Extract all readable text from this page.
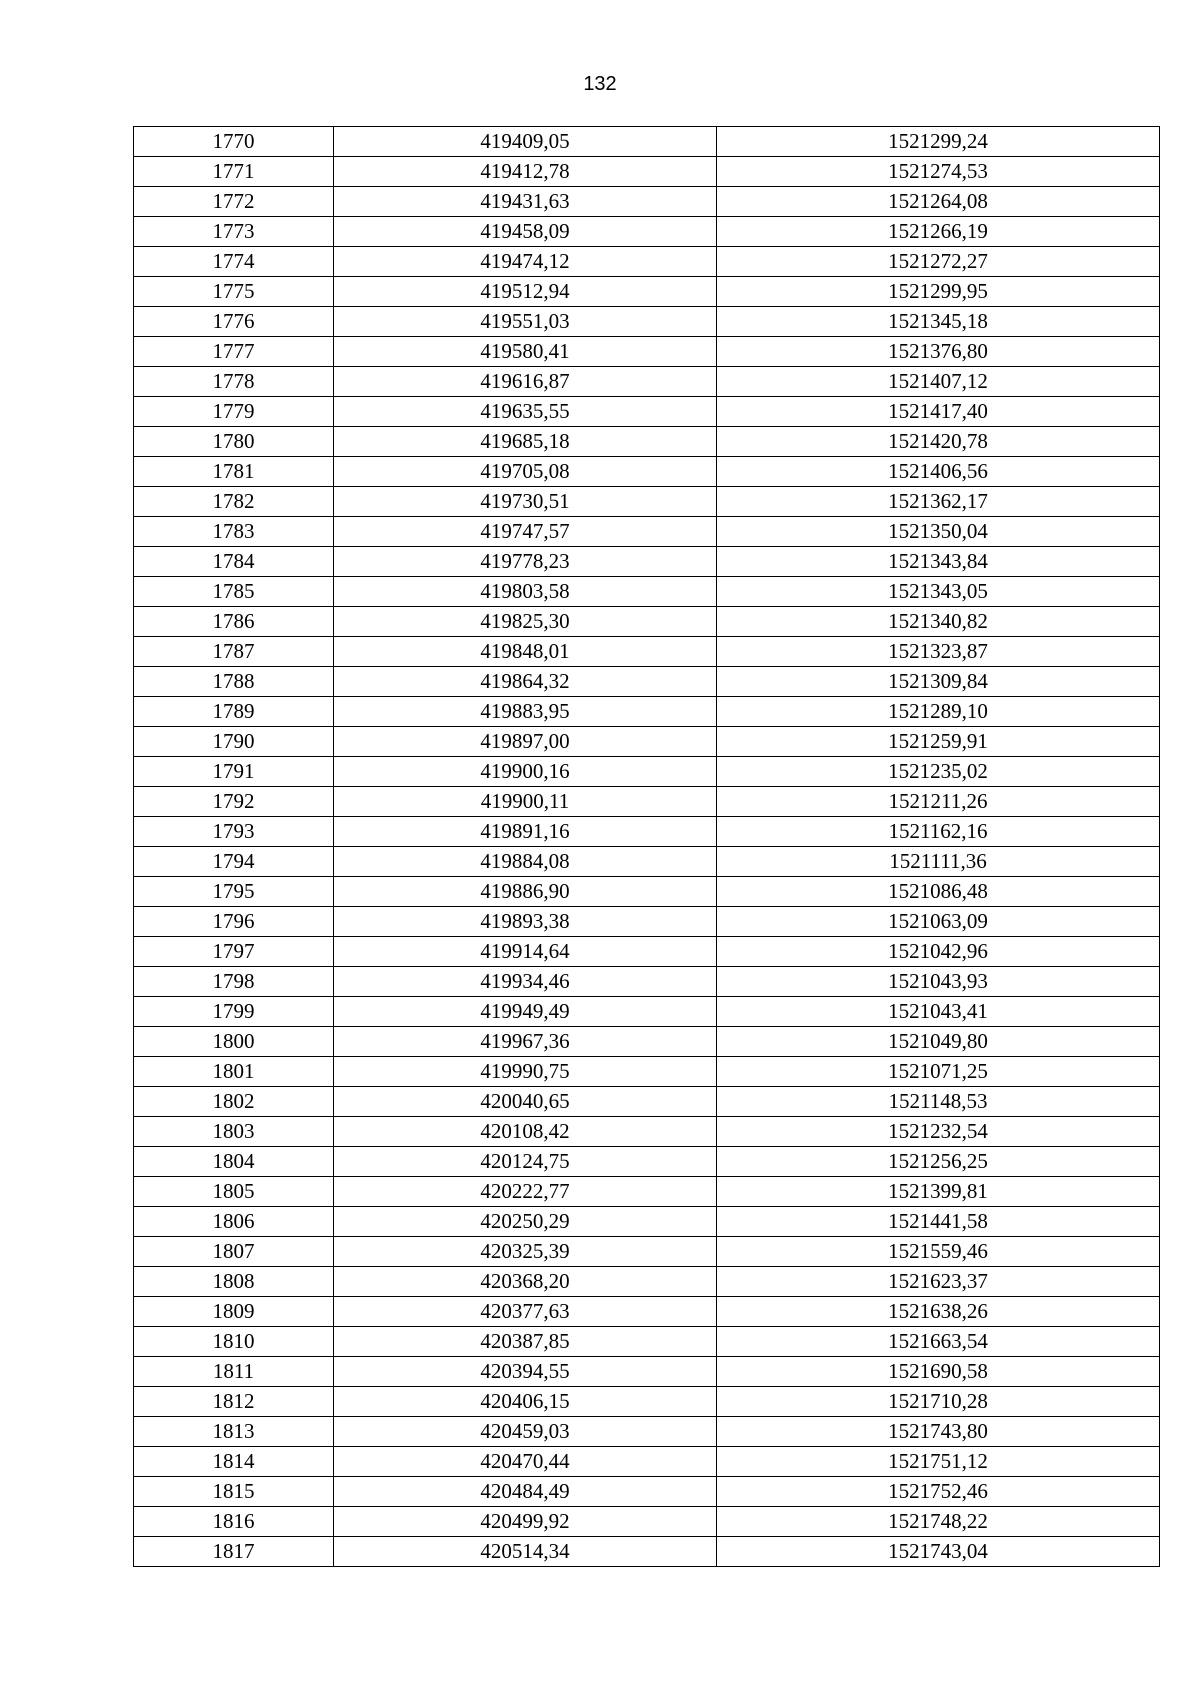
132
1770	419409,05	1521299,24
1771	419412,78	1521274,53
1772	419431,63	1521264,08
1773	419458,09	1521266,19
1774	419474,12	1521272,27
1775	419512,94	1521299,95
1776	419551,03	1521345,18
1777	419580,41	1521376,80
1778	419616,87	1521407,12
1779	419635,55	1521417,40
1780	419685,18	1521420,78
1781	419705,08	1521406,56
1782	419730,51	1521362,17
1783	419747,57	1521350,04
1784	419778,23	1521343,84
1785	419803,58	1521343,05
1786	419825,30	1521340,82
1787	419848,01	1521323,87
1788	419864,32	1521309,84
1789	419883,95	1521289,10
1790	419897,00	1521259,91
1791	419900,16	1521235,02
1792	419900,11	1521211,26
1793	419891,16	1521162,16
1794	419884,08	1521111,36
1795	419886,90	1521086,48
1796	419893,38	1521063,09
1797	419914,64	1521042,96
1798	419934,46	1521043,93
1799	419949,49	1521043,41
1800	419967,36	1521049,80
1801	419990,75	1521071,25
1802	420040,65	1521148,53
1803	420108,42	1521232,54
1804	420124,75	1521256,25
1805	420222,77	1521399,81
1806	420250,29	1521441,58
1807	420325,39	1521559,46
1808	420368,20	1521623,37
1809	420377,63	1521638,26
1810	420387,85	1521663,54
1811	420394,55	1521690,58
1812	420406,15	1521710,28
1813	420459,03	1521743,80
1814	420470,44	1521751,12
1815	420484,49	1521752,46
1816	420499,92	1521748,22
1817	420514,34	1521743,04
